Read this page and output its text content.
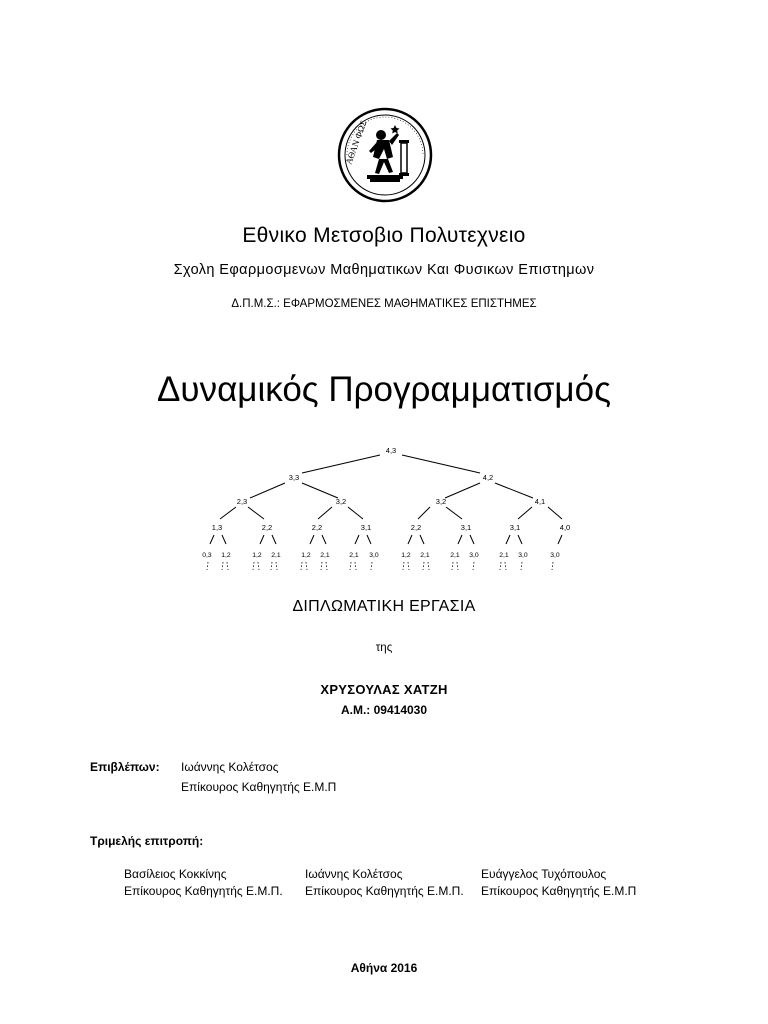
ΑΘΑΝ ΦΩΣ
Εθνικο Μετσοβιο Πολυτεχνειο
Σχολη Εφαρμοσμενων Μαθηματικων Και Φυσικων Επιστημων
Δ.Π.Μ.Σ.: ΕΦΑΡΜΟΣΜΕΝΕΣ ΜΑΘΗΜΑΤΙΚΕΣ ΕΠΙΣΤΗΜΕΣ
Δυναμικός Προγραμματισμός
4,3
3,3	4,2
2,3	3,2	3,2	4,1
1,3	2,2	2,2	3,1	2,2	3,1	3,1	4,0
0,3 1,2	1,2 2,1	1,2 2,1	2,1 3,0	1,2 2,1	2,1 3,0	2,1 3,0	3,0
ΔΙΠΛΩΜΑΤΙΚΗ ΕΡΓΑΣΙΑ
της
ΧΡΥΣΟΥΛΑΣ ΧΑΤΖΗ
Α.Μ.: 09414030
Επιβλέπων: Ιωάννης Κολέτσος
Επίκουρος Καθηγητής Ε.Μ.Π
Τριμελής επιτροπή:
Βασίλειος Κοκκίνης
Επίκουρος Καθηγητής Ε.Μ.Π.
Ιωάννης Κολέτσος
Επίκουρος Καθηγητής Ε.Μ.Π.
Ευάγγελος Τυχόπουλος
Επίκουρος Καθηγητής Ε.Μ.Π
Αθήνα 2016
